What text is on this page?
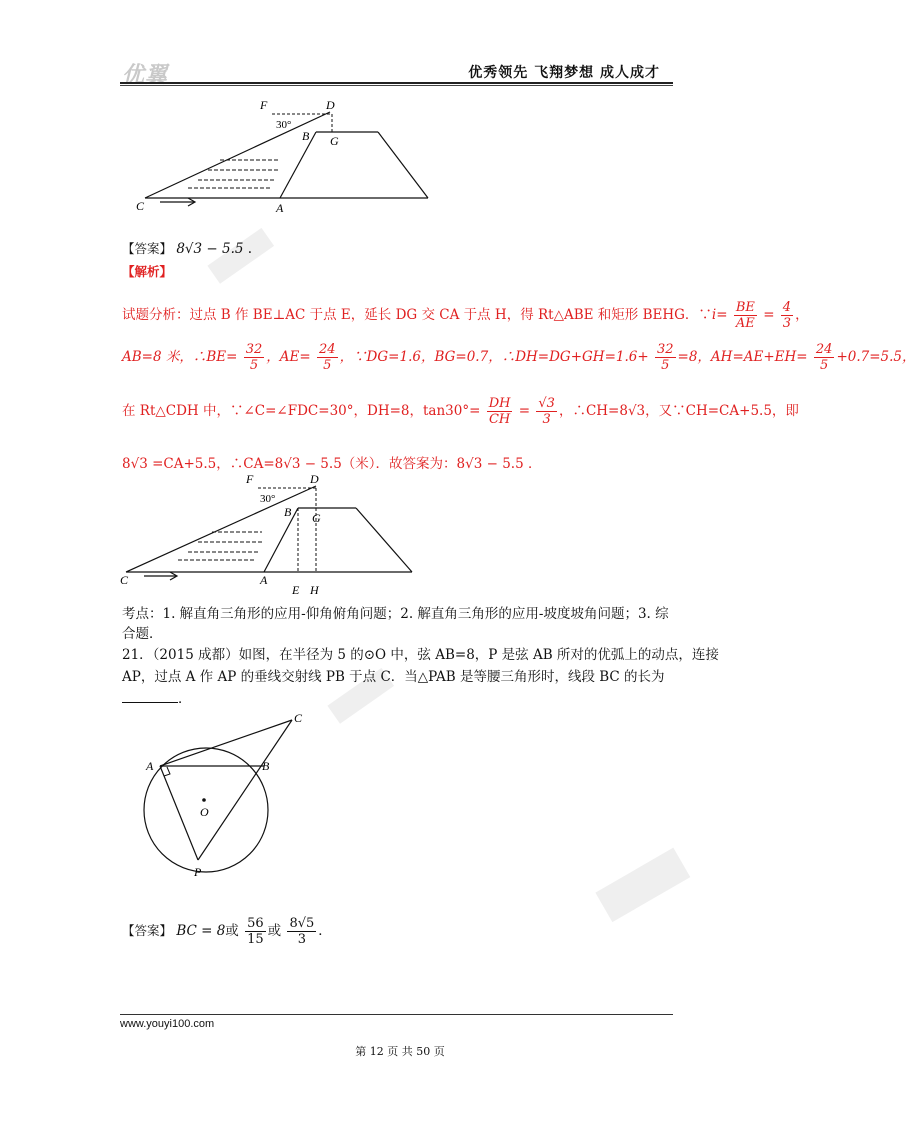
优翼	优秀领先 飞翔梦想 成人成才
F	D
30°
B G
C	A
【答案】 8√3 − 5.5 .
【解析】
试题分析：过点 B 作 BE⊥AC 于点 E，延长 DG 交 CA 于点 H，得 Rt△ABE 和矩形 BEHG．∵i= $\frac{BE}{AE} = \frac{4}{3}$ ，
AB=8 米，∴BE= $\frac{32}{5}$ ，$AE= \frac{24}{5}$ ，∵DG=1.6，BG=0.7，∴DH=DG+GH=1.6+ $\frac{32}{5} =8$，$AH=AE+EH= \frac{24}{5} +0.7=5.5$，
在 Rt△CDH 中，∵∠C=∠FDC=30°，DH=8，$\tan 30^\circ= \frac{DH}{CH} = \frac{√3}{3}$ ，∴CH=8√3，又∵CH=CA+5.5，即
8√3 =CA+5.5，∴CA=8√3 − 5.5（米）．故答案为：8√3 − 5.5 ．
F	D
30°
B G
C	A
E H
考点：1. 解直角三角形的应用-仰角俯角问题；2. 解直角三角形的应用-坡度坡角问题；3. 综
合题．
21．（2015 成都）如图，在半径为 5 的⊙O 中，弦 AB=8，P 是弦 AB 所对的优弧上的动点，连接
AP，过点 A 作 AP 的垂线交射线 PB 于点 C．当△PAB 是等腰三角形时，线段 BC 的长为
．
A	B
C
O
P
【答案】 BC = 8或 $\frac{56}{15}$ 或 $\frac{8√5}{3}$ ．
www.youyi100.com
第 12 页 共 50 页
